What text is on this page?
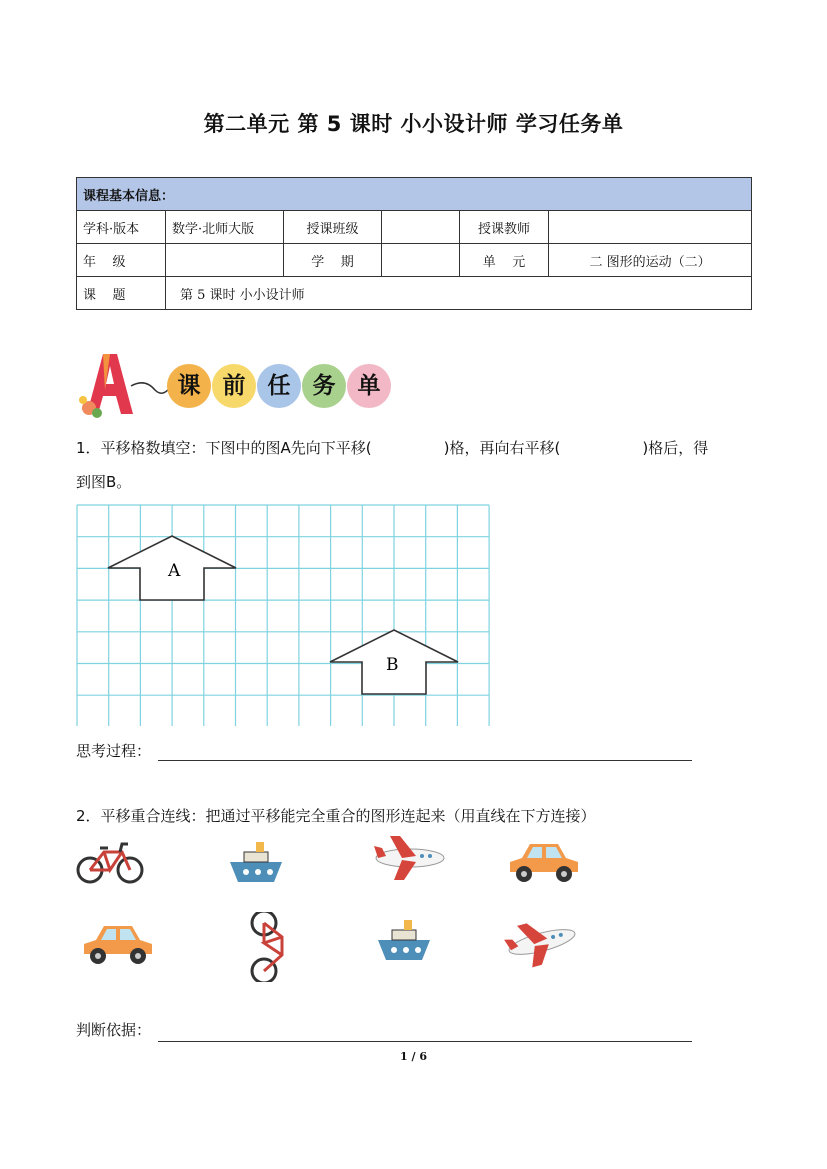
第二单元 第 5 课时 小小设计师 学习任务单
课程基本信息：					
学科·版本	数学·北师大版	授课班级		授课教师	
年    级		学    期		单    元	二 图形的运动（二）
课    题	第 5 课时 小小设计师				
课 前 任 务 单
1．平移格数填空：下图中的图A先向下平移(	)格，再向右平移(	)格后，得
到图B。
A
B
思考过程：
2．平移重合连线：把通过平移能完全重合的图形连起来（用直线在下方连接）
判断依据：
1 / 6
